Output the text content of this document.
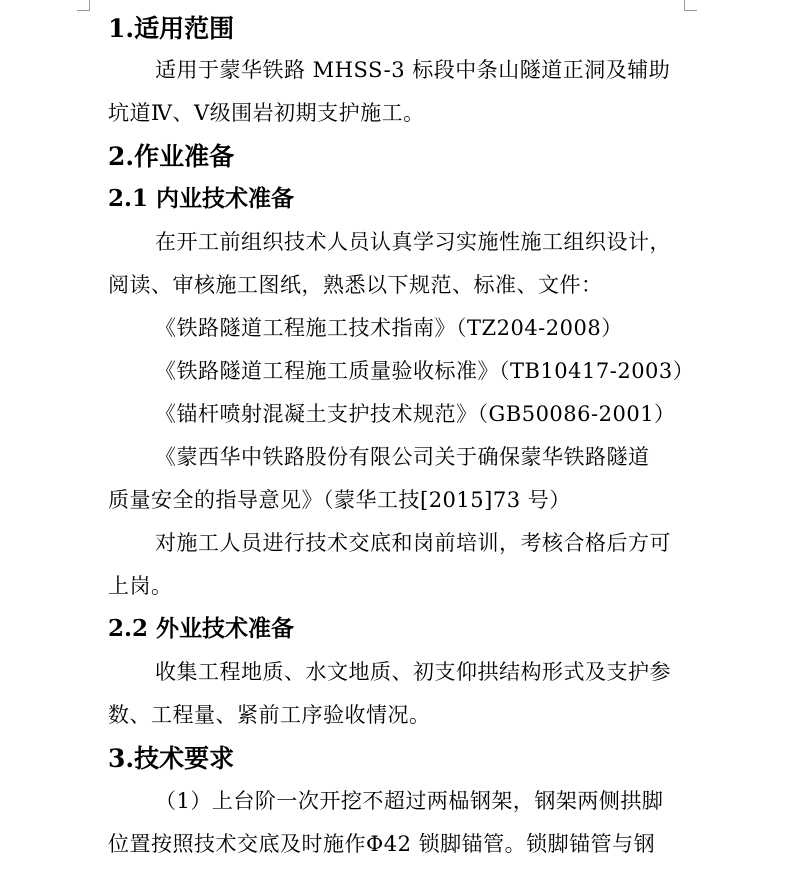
1.适用范围
适用于蒙华铁路 MHSS-3 标段中条山隧道正洞及辅助
坑道Ⅳ、Ⅴ级围岩初期支护施工。
2.作业准备
2.1 内业技术准备
在开工前组织技术人员认真学习实施性施工组织设计，
阅读、审核施工图纸，熟悉以下规范、标准、文件：
《铁路隧道工程施工技术指南》（TZ204-2008）
《铁路隧道工程施工质量验收标准》（TB10417-2003）
《锚杆喷射混凝土支护技术规范》（GB50086-2001）
《蒙西华中铁路股份有限公司关于确保蒙华铁路隧道
质量安全的指导意见》（蒙华工技[2015]73 号）
对施工人员进行技术交底和岗前培训，考核合格后方可
上岗。
2.2 外业技术准备
收集工程地质、水文地质、初支仰拱结构形式及支护参
数、工程量、紧前工序验收情况。
3.技术要求
（1）上台阶一次开挖不超过两榀钢架，钢架两侧拱脚
位置按照技术交底及时施作Φ42 锁脚锚管。锁脚锚管与钢
